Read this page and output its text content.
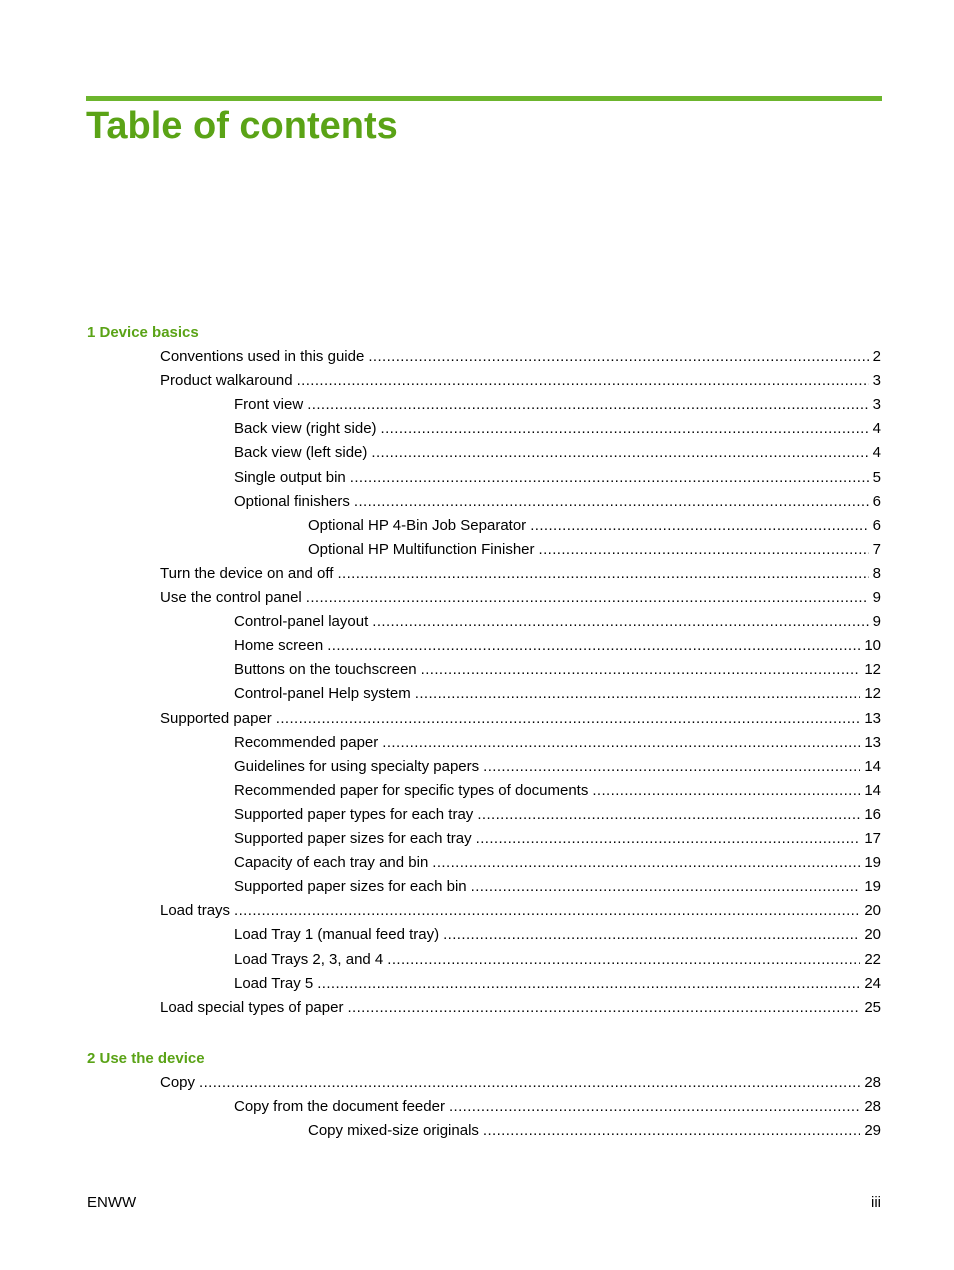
Table of contents
1 Device basics
Conventions used in this guide .....	2
Product walkaround .....	3
Front view .....	3
Back view (right side) .....	4
Back view (left side) .....	4
Single output bin .....	5
Optional finishers .....	6
Optional HP 4-Bin Job Separator .....	6
Optional HP Multifunction Finisher .....	7
Turn the device on and off .....	8
Use the control panel .....	9
Control-panel layout .....	9
Home screen .....	10
Buttons on the touchscreen .....	12
Control-panel Help system .....	12
Supported paper .....	13
Recommended paper .....	13
Guidelines for using specialty papers .....	14
Recommended paper for specific types of documents .....	14
Supported paper types for each tray .....	16
Supported paper sizes for each tray .....	17
Capacity of each tray and bin .....	19
Supported paper sizes for each bin .....	19
Load trays .....	20
Load Tray 1 (manual feed tray) .....	20
Load Trays 2, 3, and 4 .....	22
Load Tray 5 .....	24
Load special types of paper .....	25
2 Use the device
Copy .....	28
Copy from the document feeder .....	28
Copy mixed-size originals .....	29
ENWW	iii
